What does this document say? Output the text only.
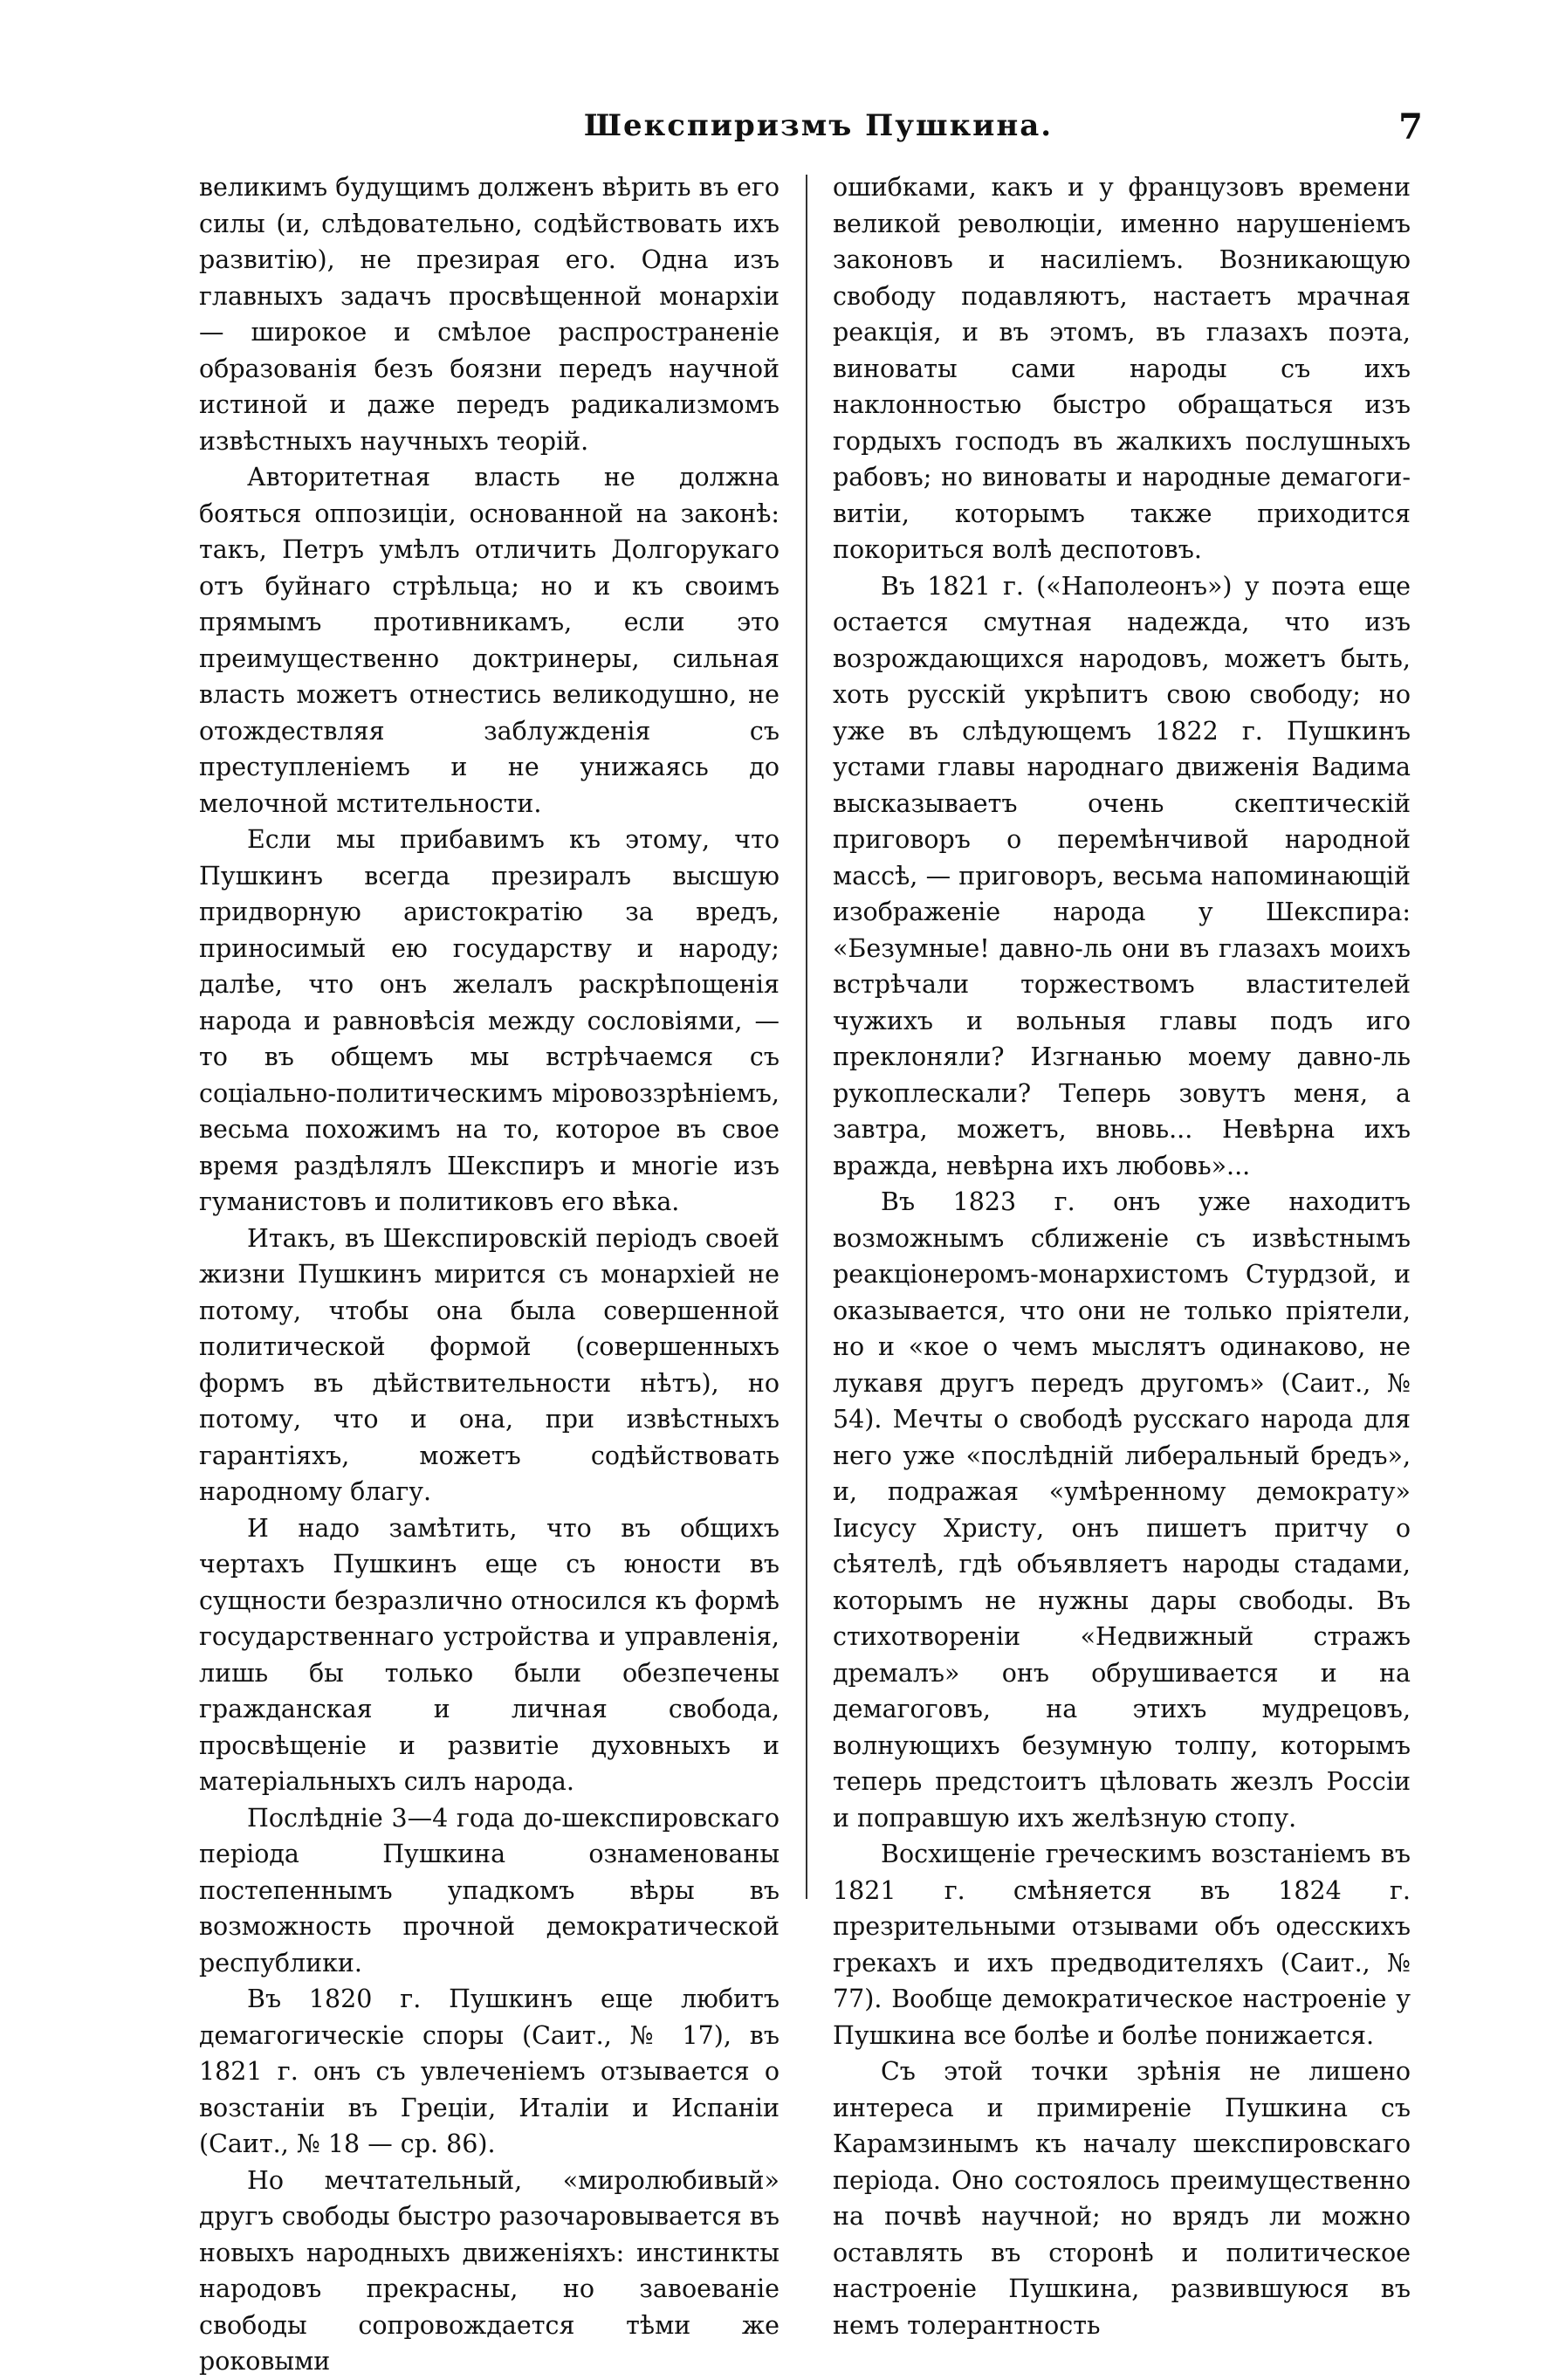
Шекспиризмъ Пушкина.	7

великимъ будущимъ долженъ вѣрить въ его силы (и, слѣдовательно, содѣйствовать ихъ развитію), не презирая его. Одна изъ главныхъ задачъ просвѣщенной монархіи — широкое и смѣлое распространеніе образованія безъ боязни передъ научной истиной и даже передъ радикализмомъ извѣстныхъ научныхъ теорій.

Авторитетная власть не должна бояться оппозиціи, основанной на законѣ: такъ, Петръ умѣлъ отличить Долгорукаго отъ буйнаго стрѣльца; но и къ своимъ прямымъ противникамъ, если это преимущественно доктринеры, сильная власть можетъ отнестись великодушно, не отождествляя заблужденія съ преступленіемъ и не унижаясь до мелочной мстительности.

Если мы прибавимъ къ этому, что Пушкинъ всегда презиралъ высшую придворную аристократію за вредъ, приносимый ею государству и народу; далѣе, что онъ желалъ раскрѣпощенія народа и равновѣсія между сословіями, — то въ общемъ мы встрѣчаемся съ соціально-политическимъ міровоззрѣніемъ, весьма похожимъ на то, которое въ свое время раздѣлялъ Шекспиръ и многіе изъ гуманистовъ и политиковъ его вѣка.

Итакъ, въ Шекспировскій періодъ своей жизни Пушкинъ мирится съ монархіей не потому, чтобы она была совершенной политической формой (совершенныхъ формъ въ дѣйствительности нѣтъ), но потому, что и она, при извѣстныхъ гарантіяхъ, можетъ содѣйствовать народному благу.

И надо замѣтить, что въ общихъ чертахъ Пушкинъ еще съ юности въ сущности безразлично относился къ формѣ государственнаго устройства и управленія, лишь бы только были обезпечены гражданская и личная свобода, просвѣщеніе и развитіе духовныхъ и матеріальныхъ силъ народа.

Послѣдніе 3—4 года до-шекспировскаго періода Пушкина ознаменованы постепеннымъ упадкомъ вѣры въ возможность прочной демократической республики.

Въ 1820 г. Пушкинъ еще любитъ демагогическіе споры (Саит., № 17), въ 1821 г. онъ съ увлеченіемъ отзывается о возстаніи въ Греціи, Италіи и Испаніи (Саит., № 18 — ср. 86).

Но мечтательный, «миролюбивый» другъ свободы быстро разочаровывается въ новыхъ народныхъ движеніяхъ: инстинкты народовъ прекрасны, но завоеваніе свободы сопровождается тѣми же роковыми

ошибками, какъ и у французовъ времени великой революціи, именно нарушеніемъ законовъ и насиліемъ. Возникающую свободу подавляютъ, настаетъ мрачная реакція, и въ этомъ, въ глазахъ поэта, виноваты сами народы съ ихъ наклонностью быстро обращаться изъ гордыхъ господъ въ жалкихъ послушныхъ рабовъ; но виноваты и народные демагоги-витіи, которымъ также приходится покориться волѣ деспотовъ.

Въ 1821 г. («Наполеонъ») у поэта еще остается смутная надежда, что изъ возрождающихся народовъ, можетъ быть, хоть русскій укрѣпитъ свою свободу; но уже въ слѣдующемъ 1822 г. Пушкинъ устами главы народнаго движенія Вадима высказываетъ очень скептическій приговоръ о перемѣнчивой народной массѣ, — приговоръ, весьма напоминающій изображеніе народа у Шекспира: «Безумные! давно-ль они въ глазахъ моихъ встрѣчали торжествомъ властителей чужихъ и вольныя главы подъ иго преклоняли? Изгнанью моему давно-ль рукоплескали? Теперь зовутъ меня, а завтра, можетъ, вновь... Невѣрна ихъ вражда, невѣрна ихъ любовь»...

Въ 1823 г. онъ уже находитъ возможнымъ сближеніе съ извѣстнымъ реакціонеромъ-монархистомъ Стурдзой, и оказывается, что они не только пріятели, но и «кое о чемъ мыслятъ одинаково, не лукавя другъ передъ другомъ» (Саит., № 54). Мечты о свободѣ русскаго народа для него уже «послѣдній либеральный бредъ», и, подражая «умѣренному демократу» Іисусу Христу, онъ пишетъ притчу о сѣятелѣ, гдѣ объявляетъ народы стадами, которымъ не нужны дары свободы. Въ стихотвореніи «Недвижный стражъ дремалъ» онъ обрушивается и на демагоговъ, на этихъ мудрецовъ, волнующихъ безумную толпу, которымъ теперь предстоитъ цѣловать жезлъ Россіи и поправшую ихъ желѣзную стопу.

Восхищеніе греческимъ возстаніемъ въ 1821 г. смѣняется въ 1824 г. презрительными отзывами объ одесскихъ грекахъ и ихъ предводителяхъ (Саит., № 77). Вообще демократическое настроеніе у Пушкина все болѣе и болѣе понижается.

Съ этой точки зрѣнія не лишено интереса и примиреніе Пушкина съ Карамзинымъ къ началу шекспировскаго періода. Оно состоялось преимущественно на почвѣ научной; но врядъ ли можно оставлять въ сторонѣ и политическое настроеніе Пушкина, развившуюся въ немъ толерантность
